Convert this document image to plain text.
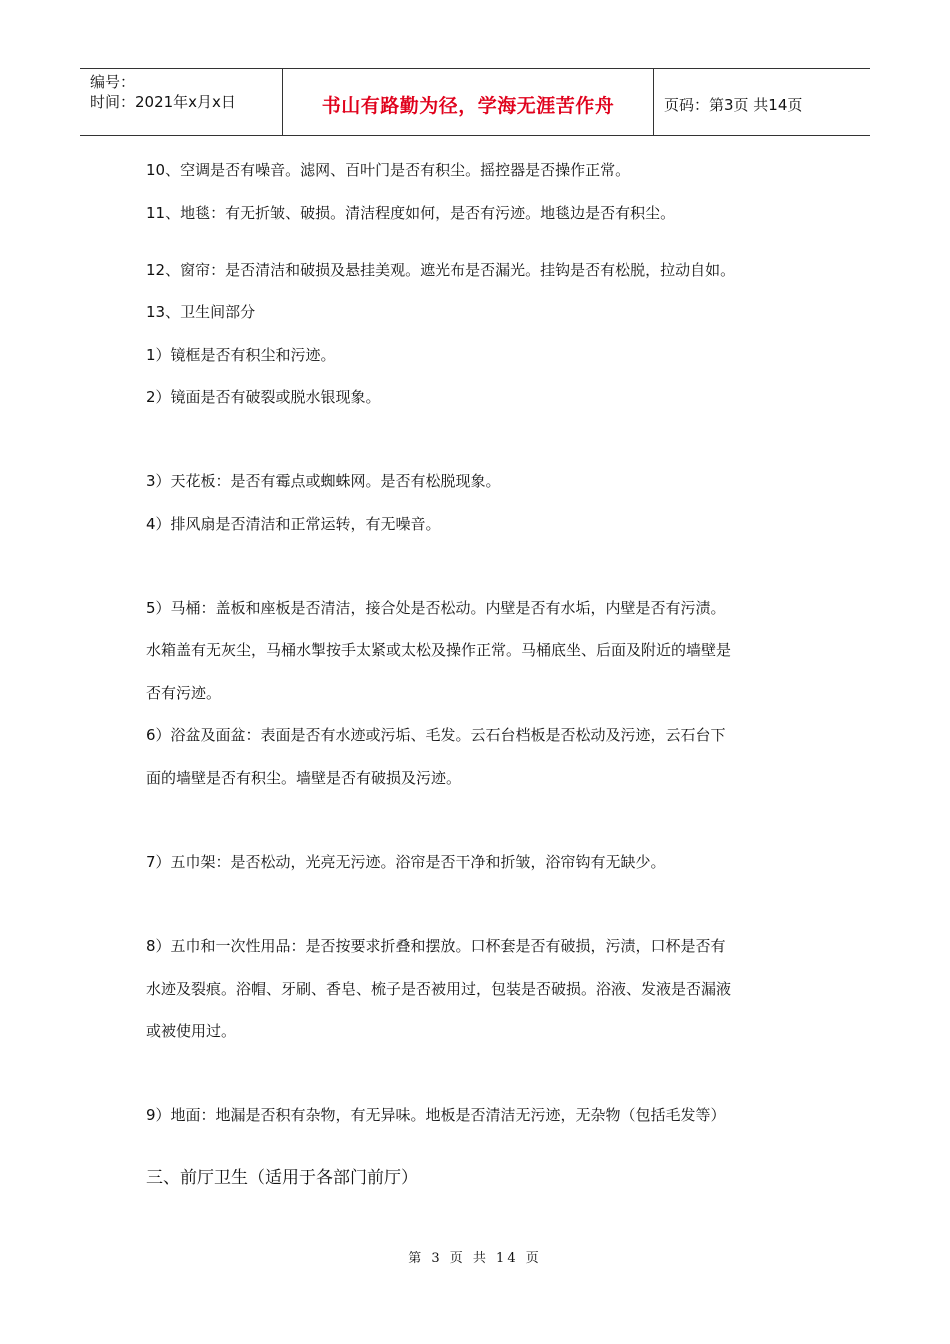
编号：
时间：2021年x月x日	书山有路勤为径，学海无涯苦作舟	页码：第3页 共14页
10、空调是否有噪音。滤网、百叶门是否有积尘。摇控器是否操作正常。
11、地毯：有无折皱、破损。清洁程度如何，是否有污迹。地毯边是否有积尘。
12、窗帘：是否清洁和破损及悬挂美观。遮光布是否漏光。挂钩是否有松脱，拉动自如。
13、卫生间部分
1）镜框是否有积尘和污迹。
2）镜面是否有破裂或脱水银现象。
3）天花板：是否有霉点或蜘蛛网。是否有松脱现象。
4）排风扇是否清洁和正常运转，有无噪音。
5）马桶：盖板和座板是否清洁，接合处是否松动。内壁是否有水垢，内壁是否有污渍。
水箱盖有无灰尘，马桶水掣按手太紧或太松及操作正常。马桶底坐、后面及附近的墙壁是
否有污迹。
6）浴盆及面盆：表面是否有水迹或污垢、毛发。云石台档板是否松动及污迹，云石台下
面的墙壁是否有积尘。墙壁是否有破损及污迹。
7）五巾架：是否松动，光亮无污迹。浴帘是否干净和折皱，浴帘钩有无缺少。
8）五巾和一次性用品：是否按要求折叠和摆放。口杯套是否有破损，污渍，口杯是否有
水迹及裂痕。浴帽、牙刷、香皂、梳子是否被用过，包装是否破损。浴液、发液是否漏液
或被使用过。
9）地面：地漏是否积有杂物，有无异味。地板是否清洁无污迹，无杂物（包括毛发等）
三、前厅卫生（适用于各部门前厅）
第 3 页 共 14 页
